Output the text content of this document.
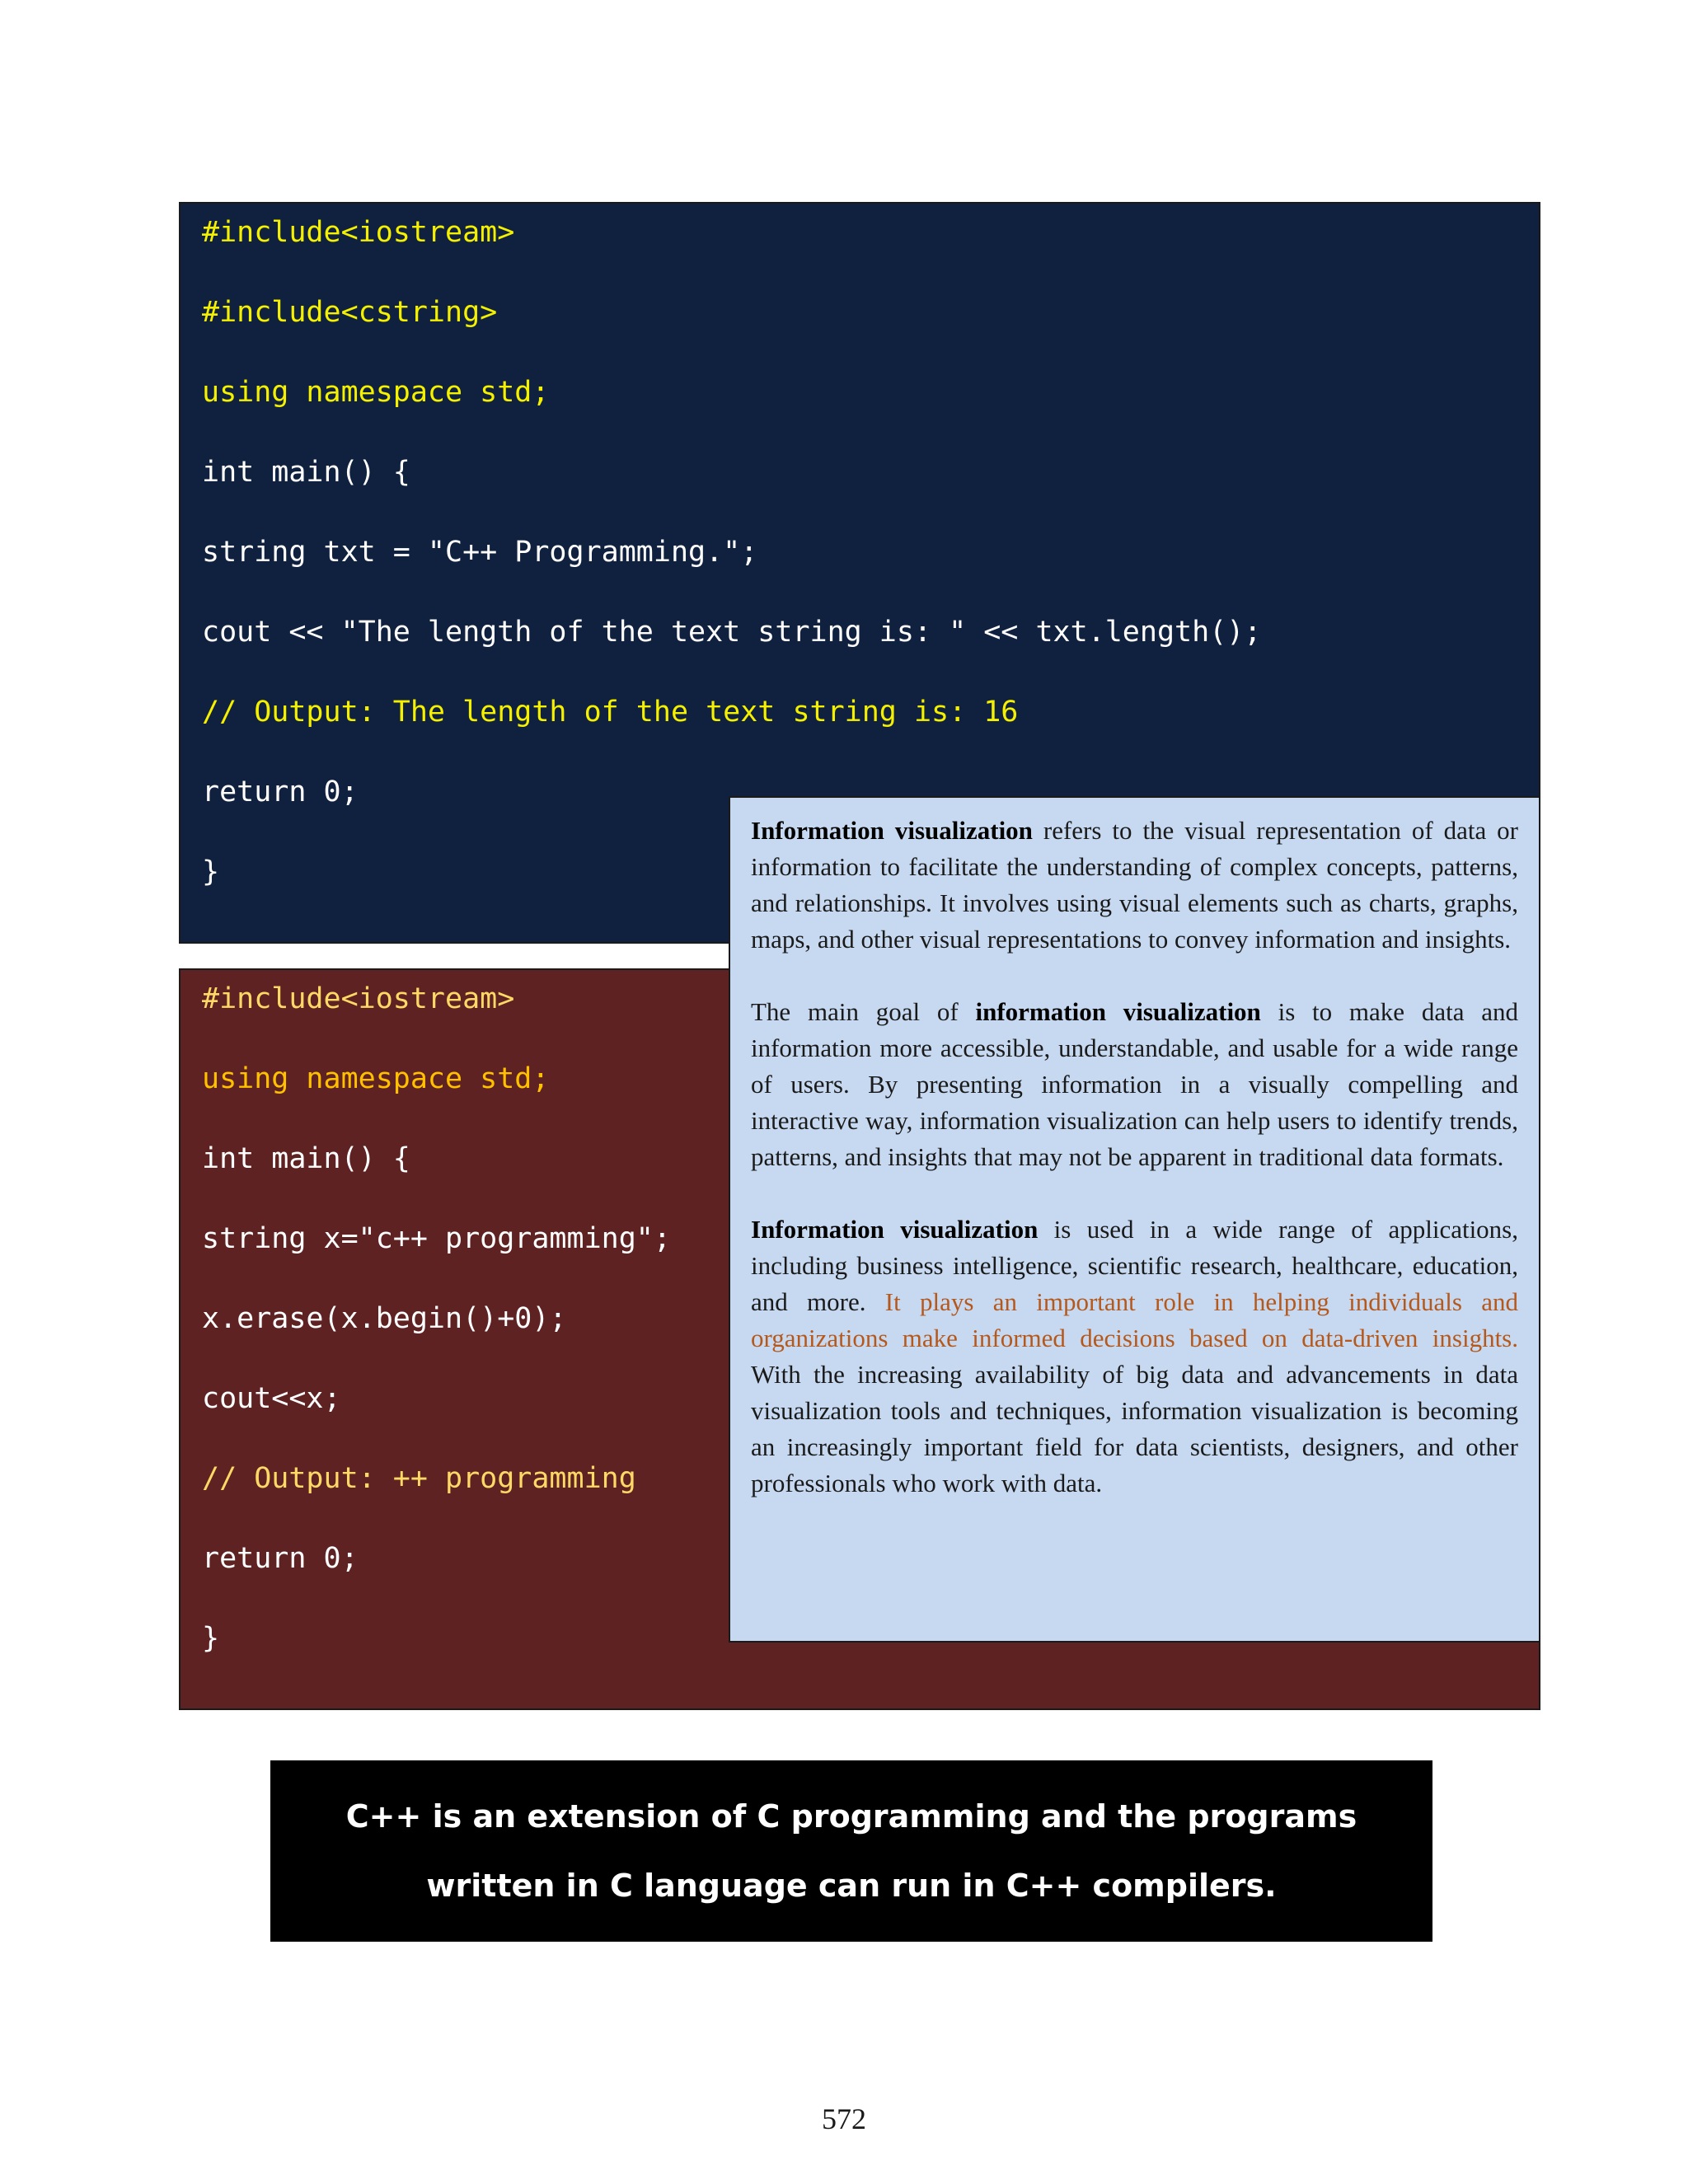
#include<iostream>
#include<cstring>
using namespace std;
int main() {
string txt = "C++ Programming.";
cout << "The length of the text string is: " << txt.length();
// Output: The length of the text string is: 16
return 0;
}
#include<iostream>
using namespace std;
int main() {
string x="c++ programming";
x.erase(x.begin()+0);
cout<<x;
// Output: ++ programming
return 0;
}

Information visualization refers to the visual representation of data or information to facilitate the understanding of complex concepts, patterns, and relationships. It involves using visual elements such as charts, graphs, maps, and other visual representations to convey information and insights.

The main goal of information visualization is to make data and information more accessible, understandable, and usable for a wide range of users. By presenting information in a visually compelling and interactive way, information visualization can help users to identify trends, patterns, and insights that may not be apparent in traditional data formats.

Information visualization is used in a wide range of applications, including business intelligence, scientific research, healthcare, education, and more. It plays an important role in helping individuals and organizations make informed decisions based on data-driven insights. With the increasing availability of big data and advancements in data visualization tools and techniques, information visualization is becoming an increasingly important field for data scientists, designers, and other professionals who work with data.

C++ is an extension of C programming and the programs
written in C language can run in C++ compilers.
572
